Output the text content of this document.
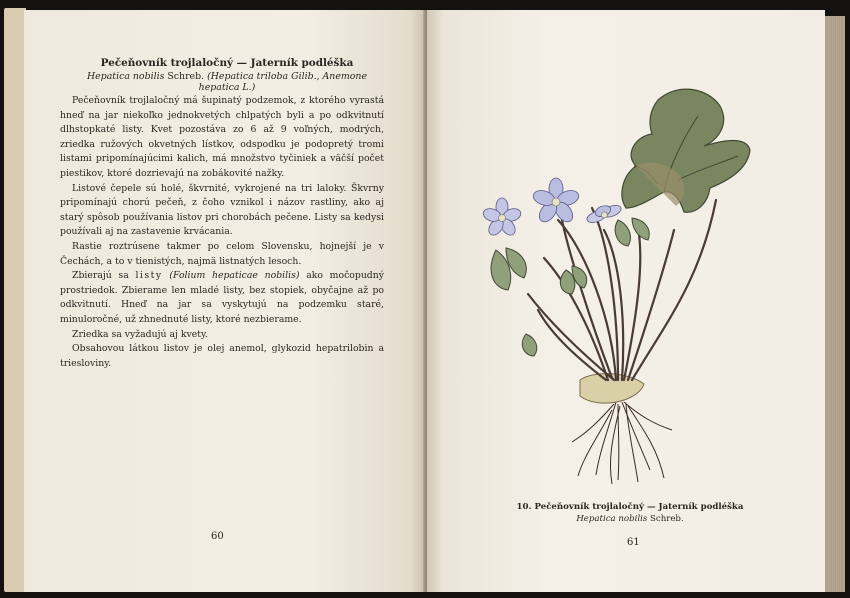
Pečeňovník trojlaločný — Jaterník podléška

Hepatica nobilis Schreb. (Hepatica triloba Gilib., Anemone hepatica L.)

Pečeňovník trojlaločný má šupinatý podzemok, z ktorého vyrastá hneď na jar niekoľko jednokvetých chlpatých byli a po odkvitnutí dlhstopkaté listy. Kvet pozostáva zo 6 až 9 voľných, modrých, zriedka ružových okvetných lístkov, odspodku je podopretý tromi listami pripomínajúcimi kalich, má množstvo tyčiniek a väčší počet piestikov, ktoré dozrievajú na zobákovité nažky.

Listové čepele sú holé, škvrnité, vykrojené na tri laloky. Škvrny pripomínajú chorú pečeň, z čoho vznikol i názov rastliny, ako aj starý spôsob používania listov pri chorobách pečene. Listy sa kedysi používali aj na zastavenie krvácania.

Rastie roztrúsene takmer po celom Slovensku, hojnejší je v Čechách, a to v tienistých, najmä listnatých lesoch.

Zbierajú sa listy (Folium hepaticae nobilis) ako močopudný prostriedok. Zbierame len mladé listy, bez stopiek, obyčajne až po odkvitnutí. Hneď na jar sa vyskytujú na podzemku staré, minuloročné, už zhnednuté listy, ktoré nezbierame.

Zriedka sa vyžadujú aj kvety.

Obsahovou látkou listov je olej anemol, glykozid hepatrilobin a triesloviny.

60

10. Pečeňovník trojlaločný — Jaterník podléška
Hepatica nobilis Schreb.

61
